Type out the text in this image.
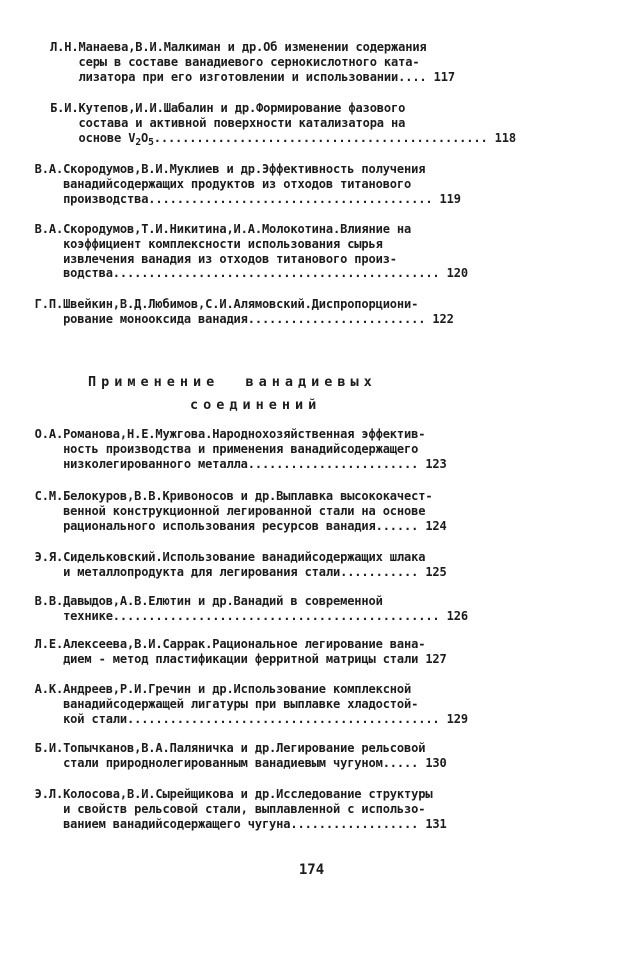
Л.Н.Манаева,В.И.Малкиман и др.Об изменении содержания
серы в составе ванадиевого сернокислотного ката-
лизатора при его изготовлении и использовании.... 117
Б.И.Кутепов,И.И.Шабалин и др.Формирование фазового
состава и активной поверхности катализатора на
основе $V_2O_5$............................................... 118
В.А.Скородумов,В.И.Муклиев и др.Эффективность получения
ванадийсодержащих продуктов из отходов титанового
производства........................................ 119
В.А.Скородумов,Т.И.Никитина,И.А.Молокотина.Влияние на
коэффициент комплексности использования сырья
извлечения ванадия из отходов титанового произ-
водства.............................................. 120
Г.П.Швейкин,В.Д.Любимов,С.И.Алямовский.Диспропорциони-
рование монооксида ванадия......................... 122
Применение  ванадиевых
соединений
О.А.Романова,Н.Е.Мужгова.Народнохозяйственная эффектив-
ность производства и применения ванадийсодержащего
низколегированного металла........................ 123
С.М.Белокуров,В.В.Кривоносов и др.Выплавка высококачест-
венной конструкционной легированной стали на основе
рационального использования ресурсов ванадия...... 124
Э.Я.Сидельковский.Использование ванадийсодержащих шлака
и металлопродукта для легирования стали........... 125
В.В.Давыдов,А.В.Елютин и др.Ванадий в современной
технике.............................................. 126
Л.Е.Алексеева,В.И.Саррак.Рациональное легирование вана-
дием - метод пластификации ферритной матрицы стали 127
А.К.Андреев,Р.И.Гречин и др.Использование комплексной
ванадийсодержащей лигатуры при выплавке хладостой-
кой стали............................................ 129
Б.И.Топычканов,В.А.Паляничка и др.Легирование рельсовой
стали природнолегированным ванадиевым чугуном..... 130
Э.Л.Колосова,В.И.Сырейщикова и др.Исследование структуры
и свойств рельсовой стали, выплавленной с использо-
ванием ванадийсодержащего чугуна.................. 131
174
